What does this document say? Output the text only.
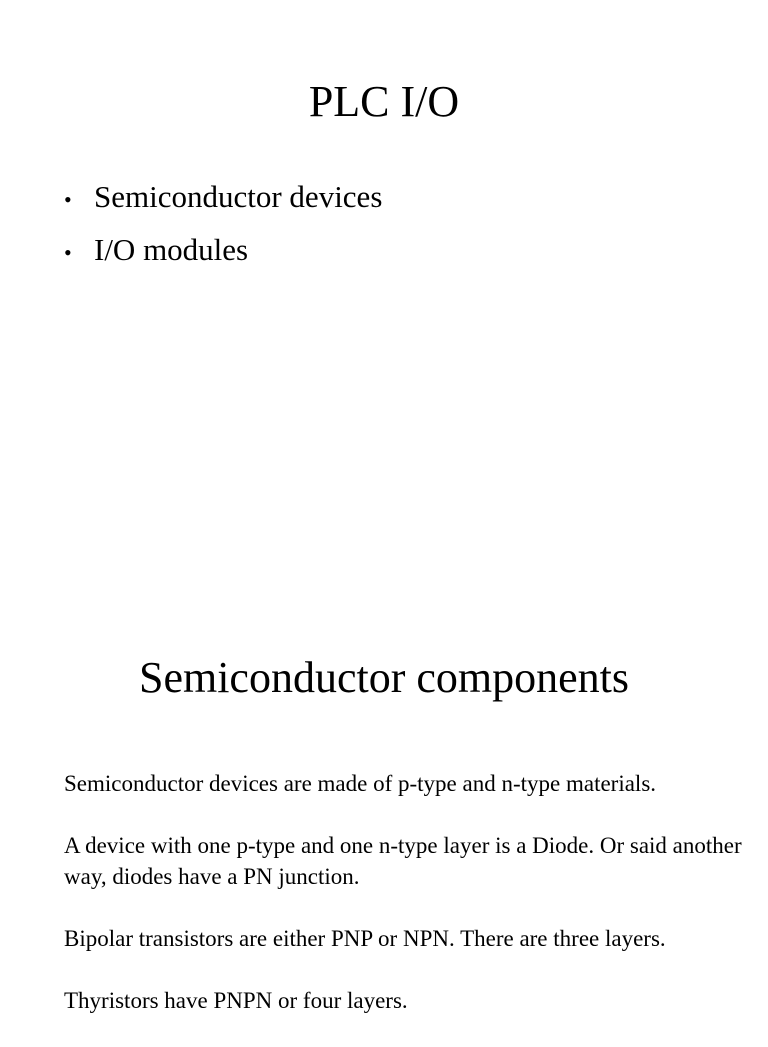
PLC I/O
• Semiconductor devices
• I/O modules
Semiconductor components

Semiconductor devices are made of p-type and n-type materials.

A device with one p-type and one n-type layer is a Diode. Or said another way, diodes have a PN junction.

Bipolar transistors are either PNP or NPN. There are three layers.

Thyristors have PNPN or four layers.
